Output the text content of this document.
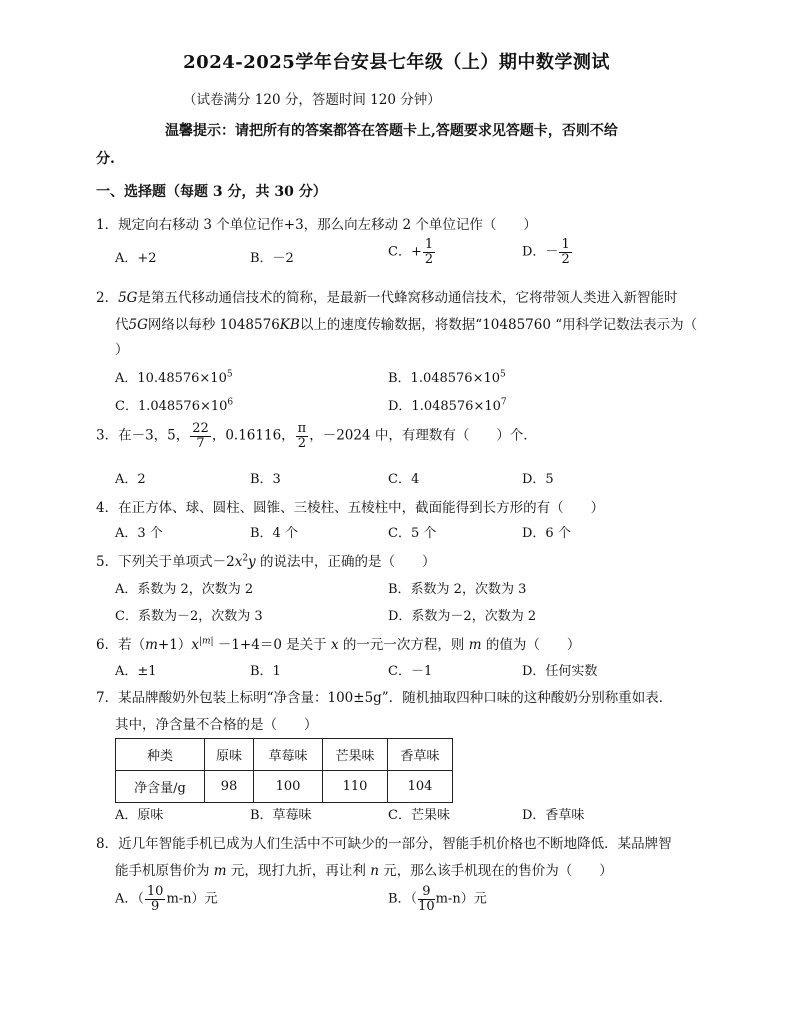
2024-2025学年台安县七年级（上）期中数学测试
（试卷满分 120 分，答题时间 120 分钟）
温馨提示：请把所有的答案都答在答题卡上,答题要求见答题卡，否则不给
分.
一、选择题（每题 3 分，共 30 分）
1．规定向右移动 3 个单位记作+3，那么向左移动 2 个单位记作（　　）
A．+2	B．－2	C．+ $\frac{1}{2}$	D．－ $\frac{1}{2}$
2．5G是第五代移动通信技术的简称，是最新一代蜂窝移动通信技术，它将带领人类进入新智能时
代5G网络以每秒 1048576KB以上的速度传输数据，将数据“10485760 “用科学记数法表示为（
）
A．$10.48576\times 10^5$	B．$1.048576\times 10^5$
C．$1.048576\times 10^6$	D．$1.048576\times 10^7$
3．在－3，5， $\frac{22}{7}$ ，0.16116， $\frac{\pi}{2}$ ，－2024 中，有理数有（　　）个．
A．2	B．3	C．4	D．5
4．在正方体、球、圆柱、圆锥、三棱柱、五棱柱中，截面能得到长方形的有（　　）
A．3 个	B．4 个	C．5 个	D．6 个
5．下列关于单项式$-2x^2y$ 的说法中，正确的是（　　）
A．系数为 2，次数为 2	B．系数为 2，次数为 3
C．系数为－2，次数为 3	D．系数为－2，次数为 2
6．若$(m+1)x^{|m|} -1+4=0$ 是关于 x 的一元一次方程，则 m 的值为（　　）
A．±1	B．1	C．－1	D．任何实数
7．某品牌酸奶外包装上标明“净含量：100±5g”．随机抽取四种口味的这种酸奶分别称重如表．
其中，净含量不合格的是（　　）
种类	原味	草莓味	芒果味	香草味
净含量/g	98	100	110	104
A．原味	B．草莓味	C．芒果味	D．香草味
8．近几年智能手机已成为人们生活中不可缺少的一部分，智能手机价格也不断地降低．某品牌智
能手机原售价为 m 元，现打九折，再让利 n 元，那么该手机现在的售价为（　　）
A．（ $\frac{10}{9} m-n$）元	B．（ $\frac{9}{10} m-n$）元
